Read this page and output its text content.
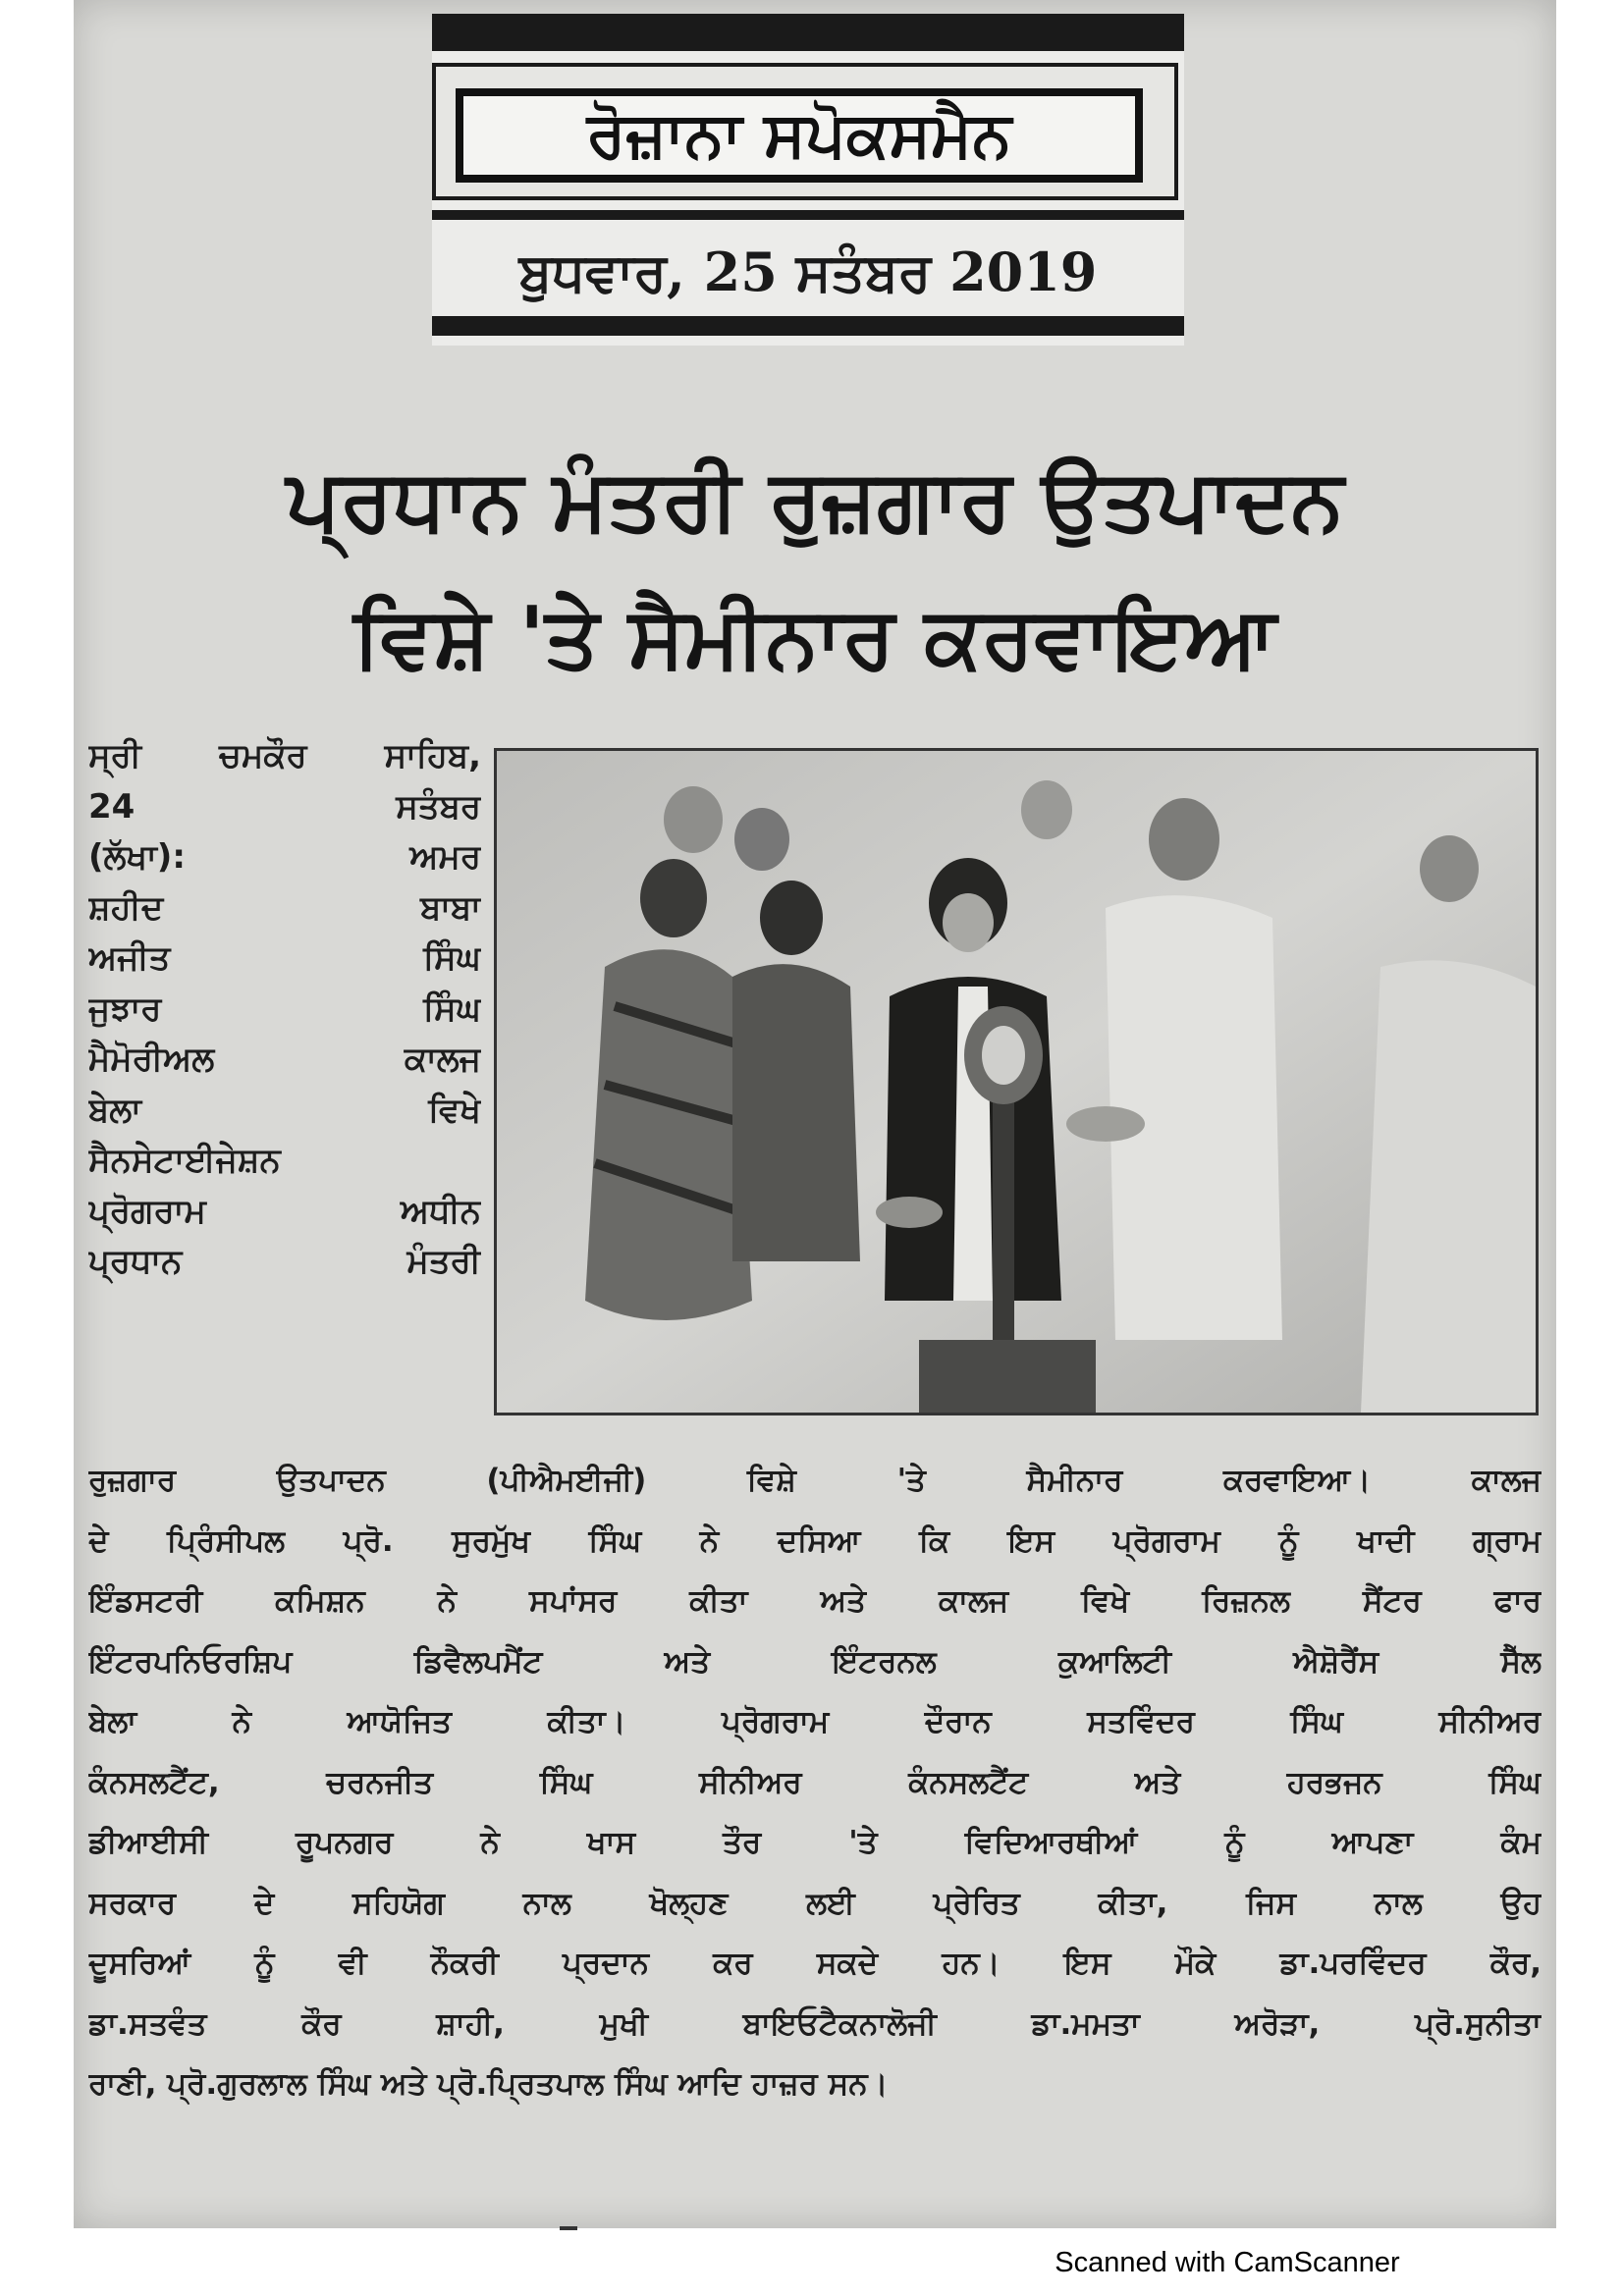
ਰੋਜ਼ਾਨਾ ਸਪੋਕਸਮੈਨ
ਬੁਧਵਾਰ, 25 ਸਤੰਬਰ 2019
ਪ੍ਰਧਾਨ ਮੰਤਰੀ ਰੁਜ਼ਗਾਰ ਉਤਪਾਦਨ
ਵਿਸ਼ੇ 'ਤੇ ਸੈਮੀਨਾਰ ਕਰਵਾਇਆ
ਸ੍ਰੀ ਚਮਕੌਰ ਸਾਹਿਬ,
24 ਸਤੰਬਰ
(ਲੱਖਾ): ਅਮਰ
ਸ਼ਹੀਦ ਬਾਬਾ
ਅਜੀਤ ਸਿੰਘ
ਜੁਝਾਰ ਸਿੰਘ
ਮੈਮੋਰੀਅਲ ਕਾਲਜ
ਬੇਲਾ ਵਿਖੇ
ਸੈਨਸੇਟਾਈਜੇਸ਼ਨ
ਪ੍ਰੋਗਰਾਮ ਅਧੀਨ
ਪ੍ਰਧਾਨ ਮੰਤਰੀ
ਰੁਜ਼ਗਾਰ ਉਤਪਾਦਨ (ਪੀਐਮਈਜੀ) ਵਿਸ਼ੇ 'ਤੇ ਸੈਮੀਨਾਰ ਕਰਵਾਇਆ। ਕਾਲਜ
ਦੇ ਪ੍ਰਿੰਸੀਪਲ ਪ੍ਰੋ. ਸੁਰਮੁੱਖ ਸਿੰਘ ਨੇ ਦਸਿਆ ਕਿ ਇਸ ਪ੍ਰੋਗਰਾਮ ਨੂੰ ਖਾਦੀ ਗ੍ਰਾਮ
ਇੰਡਸਟਰੀ ਕਮਿਸ਼ਨ ਨੇ ਸਪਾਂਸਰ ਕੀਤਾ ਅਤੇ ਕਾਲਜ ਵਿਖੇ ਰਿਜ਼ਨਲ ਸੈਂਟਰ ਫਾਰ
ਇੰਟਰਪਨਿਓਰਸ਼ਿਪ ਡਿਵੈਲਪਮੈਂਟ ਅਤੇ ਇੰਟਰਨਲ ਕੁਆਲਿਟੀ ਐਸ਼ੋਰੈਂਸ ਸੈੱਲ
ਬੇਲਾ ਨੇ ਆਯੋਜਿਤ ਕੀਤਾ। ਪ੍ਰੋਗਰਾਮ ਦੌਰਾਨ ਸਤਵਿੰਦਰ ਸਿੰਘ ਸੀਨੀਅਰ
ਕੰਨਸਲਟੈਂਟ, ਚਰਨਜੀਤ ਸਿੰਘ ਸੀਨੀਅਰ ਕੰਨਸਲਟੈਂਟ ਅਤੇ ਹਰਭਜਨ ਸਿੰਘ
ਡੀਆਈਸੀ ਰੂਪਨਗਰ ਨੇ ਖਾਸ ਤੌਰ 'ਤੇ ਵਿਦਿਆਰਥੀਆਂ ਨੂੰ ਆਪਣਾ ਕੰਮ
ਸਰਕਾਰ ਦੇ ਸਹਿਯੋਗ ਨਾਲ ਖੋਲ੍ਹਣ ਲਈ ਪ੍ਰੇਰਿਤ ਕੀਤਾ, ਜਿਸ ਨਾਲ ਉਹ
ਦੂਸਰਿਆਂ ਨੂੰ ਵੀ ਨੌਕਰੀ ਪ੍ਰਦਾਨ ਕਰ ਸਕਦੇ ਹਨ। ਇਸ ਮੌਕੇ ਡਾ.ਪਰਵਿੰਦਰ ਕੌਰ,
ਡਾ.ਸਤਵੰਤ ਕੌਰ ਸ਼ਾਹੀ, ਮੁਖੀ ਬਾਇਓਟੈਕਨਾਲੋਜੀ ਡਾ.ਮਮਤਾ ਅਰੋੜਾ, ਪ੍ਰੋ.ਸੁਨੀਤਾ
ਰਾਣੀ, ਪ੍ਰੋ.ਗੁਰਲਾਲ ਸਿੰਘ ਅਤੇ ਪ੍ਰੋ.ਪ੍ਰਿਤਪਾਲ ਸਿੰਘ ਆਦਿ ਹਾਜ਼ਰ ਸਨ।
Scanned with CamScanner
